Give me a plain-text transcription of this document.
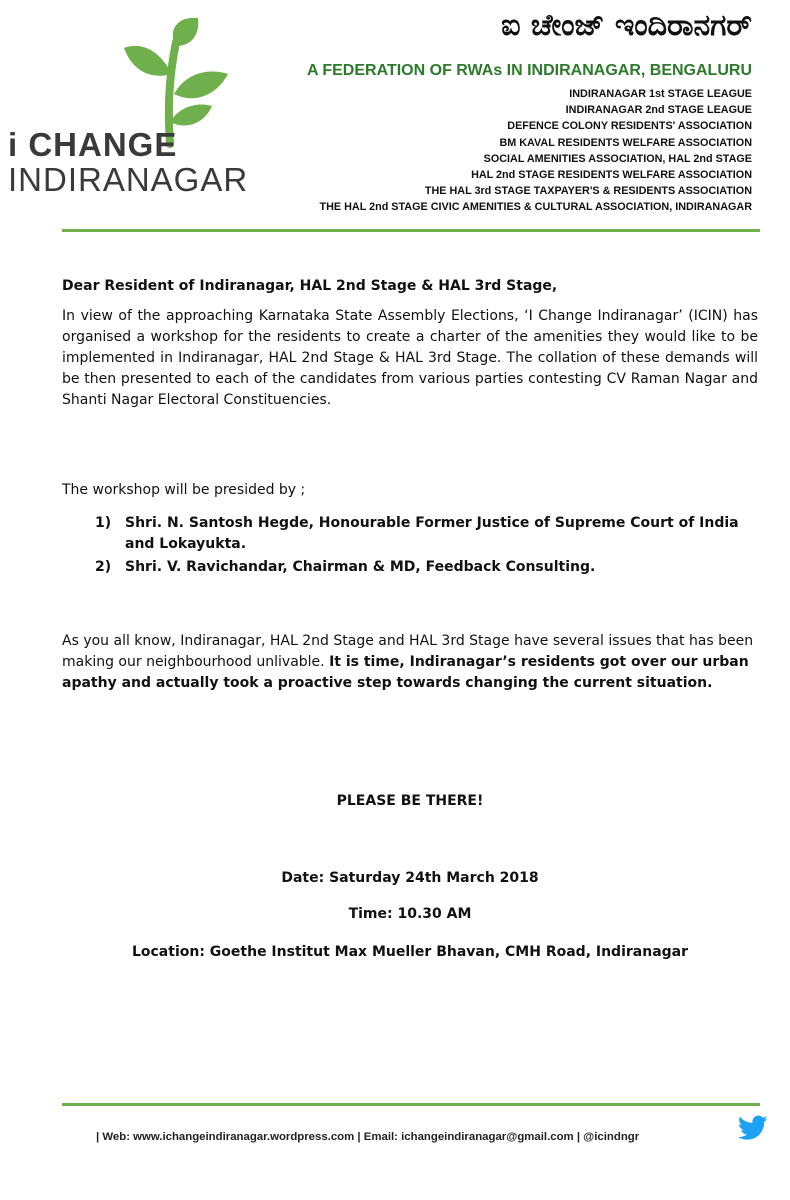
i CHANGE
INDIRANAGAR
ಐ ಚೇಂಜ್ ಇಂದಿರಾನಗರ್
A FEDERATION OF RWAs IN INDIRANAGAR, BENGALURU
INDIRANAGAR 1st STAGE LEAGUE
INDIRANAGAR 2nd STAGE LEAGUE
DEFENCE COLONY RESIDENTS' ASSOCIATION
BM KAVAL RESIDENTS WELFARE ASSOCIATION
SOCIAL AMENITIES ASSOCIATION, HAL 2nd STAGE
HAL 2nd STAGE RESIDENTS WELFARE ASSOCIATION
THE HAL 3rd STAGE TAXPAYER'S & RESIDENTS ASSOCIATION
THE HAL 2nd STAGE CIVIC AMENITIES & CULTURAL ASSOCIATION, INDIRANAGAR
Dear Resident of Indiranagar, HAL 2nd Stage & HAL 3rd Stage,
In view of the approaching Karnataka State Assembly Elections, ‘I Change Indiranagar’ (ICIN) has organised a workshop for the residents to create a charter of the amenities they would like to be implemented in Indiranagar, HAL 2nd Stage & HAL 3rd Stage. The collation of these demands will be then presented to each of the candidates from various parties contesting CV Raman Nagar and Shanti Nagar Electoral Constituencies.
The workshop will be presided by ;
1) Shri. N. Santosh Hegde, Honourable Former Justice of Supreme Court of India and Lokayukta.
2) Shri. V. Ravichandar, Chairman & MD, Feedback Consulting.
As you all know, Indiranagar, HAL 2nd Stage and HAL 3rd Stage have several issues that has been making our neighbourhood unlivable. It is time, Indiranagar’s residents got over our urban apathy and actually took a proactive step towards changing the current situation.
PLEASE BE THERE!
Date: Saturday 24th March 2018
Time: 10.30 AM
Location: Goethe Institut Max Mueller Bhavan, CMH Road, Indiranagar
| Web: www.ichangeindiranagar.wordpress.com | Email: ichangeindiranagar@gmail.com | @icindngr
